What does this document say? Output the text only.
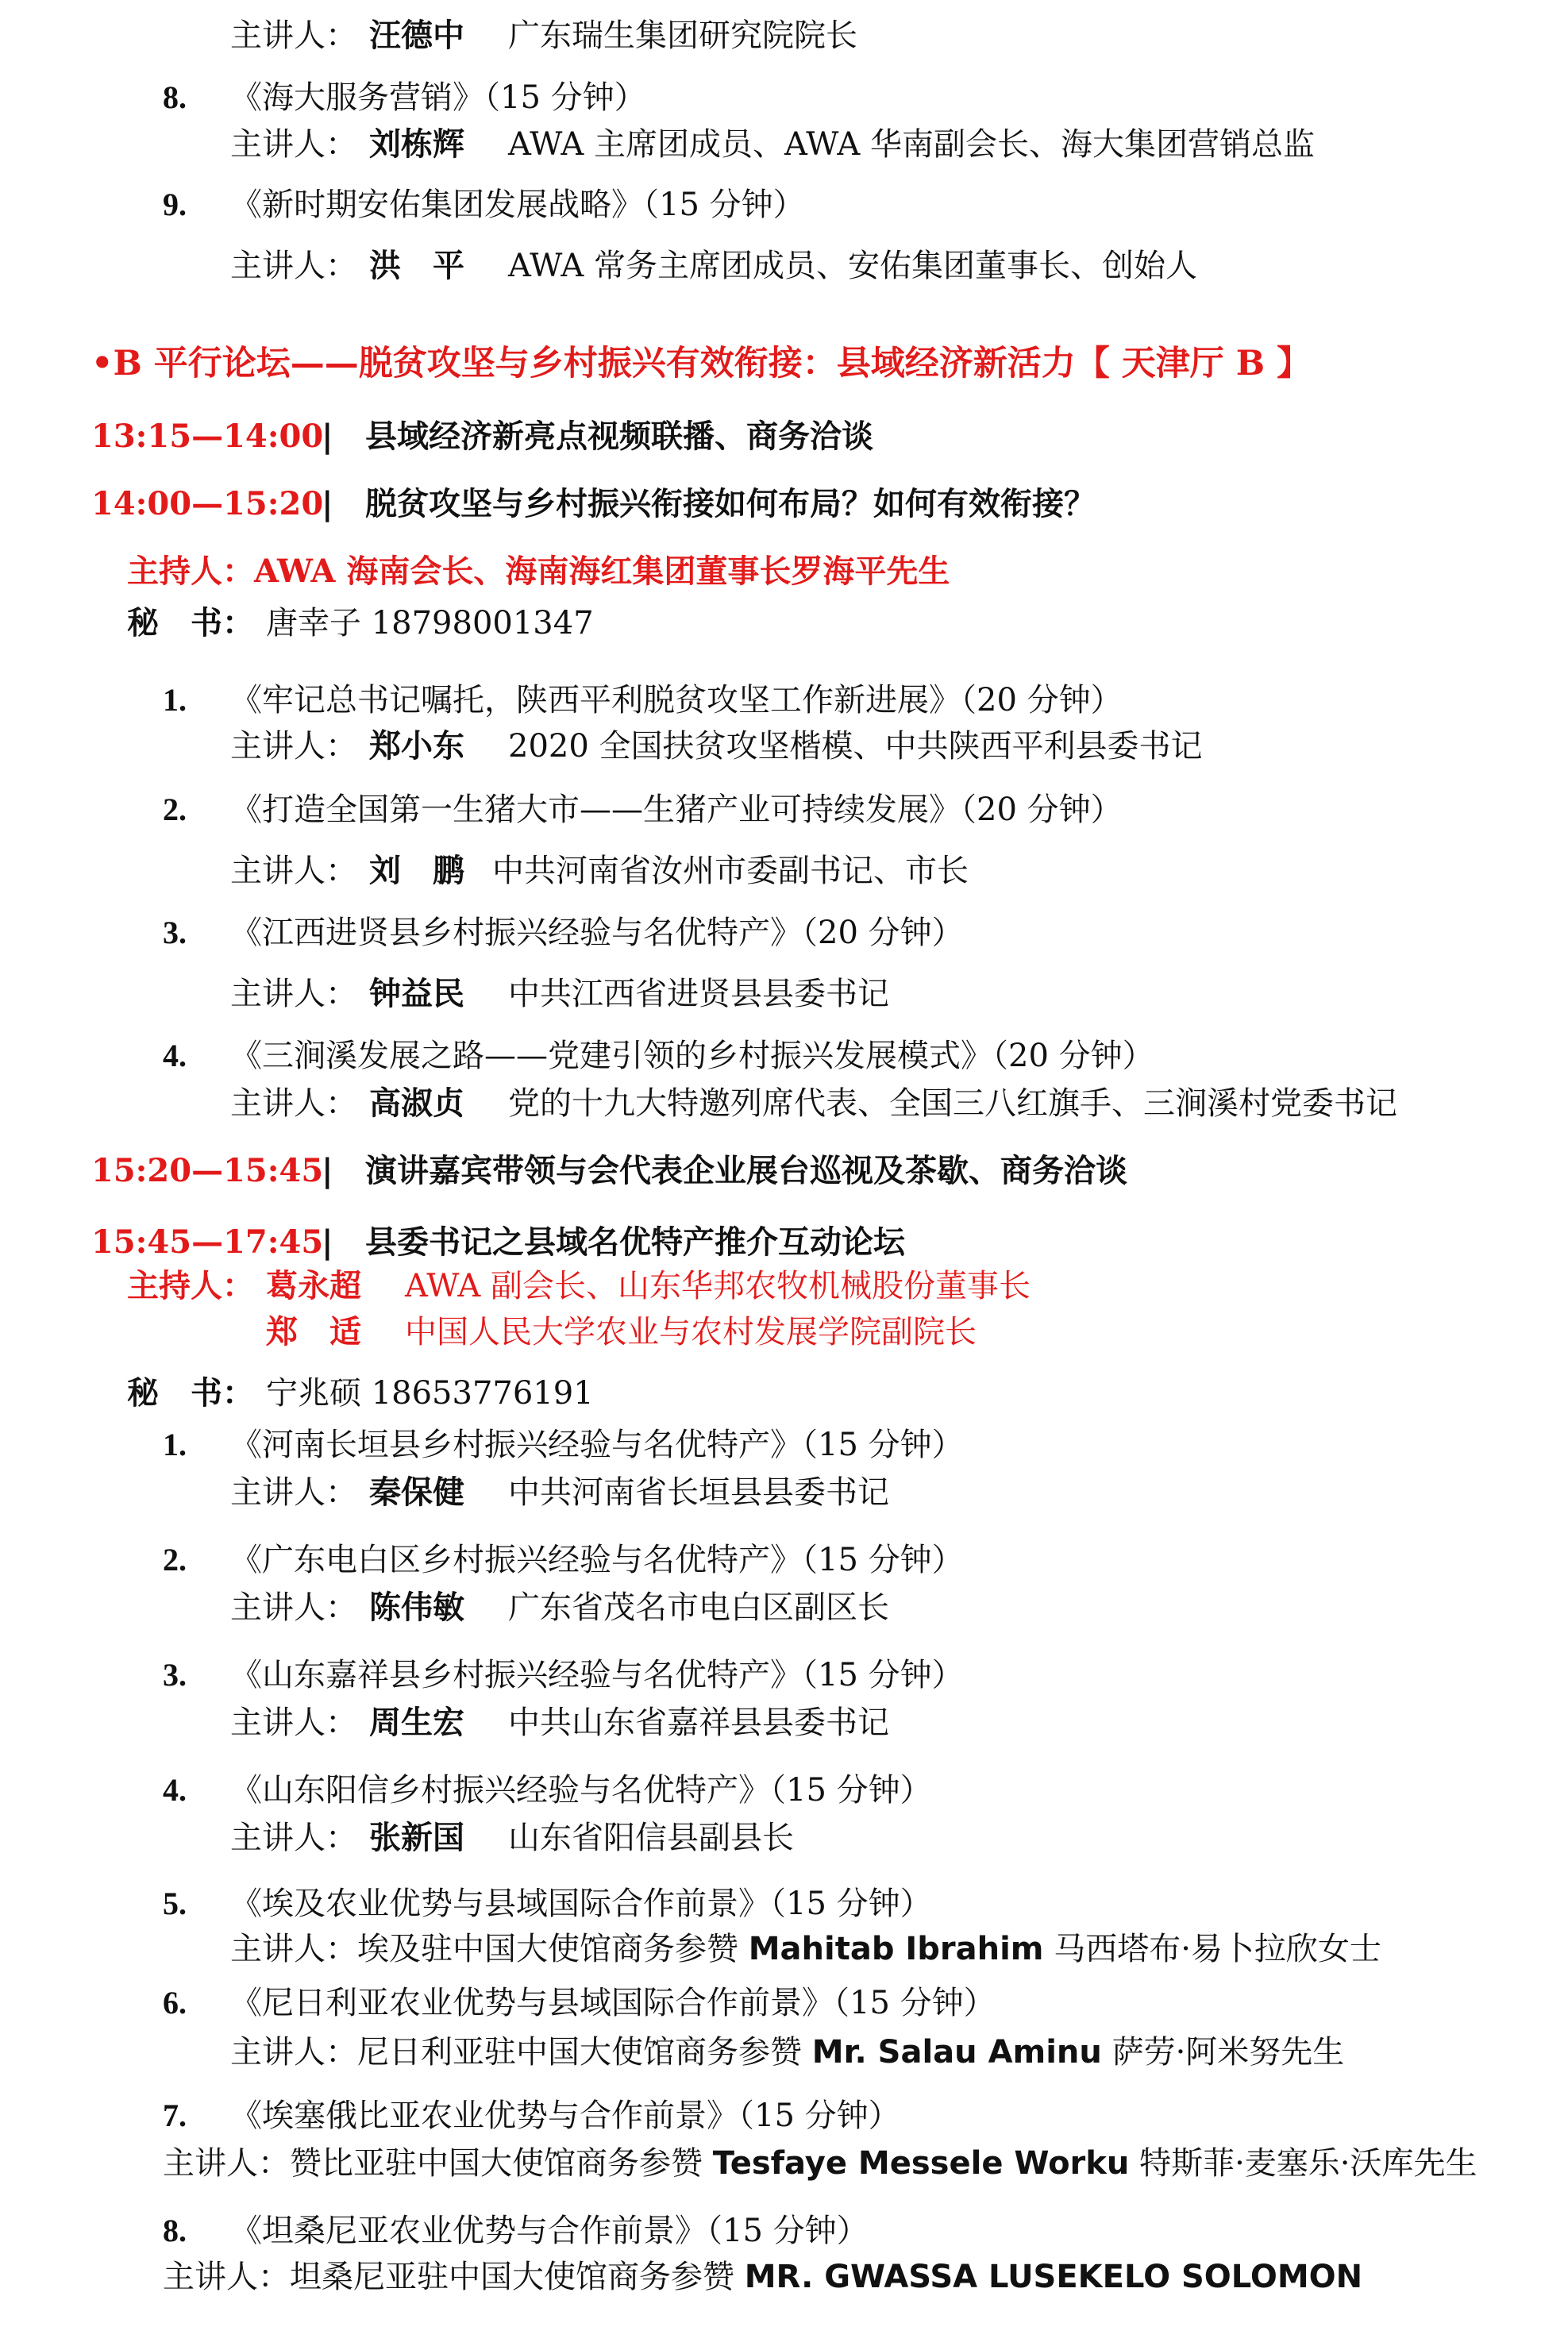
主讲人： 汪德中 广东瑞生集团研究院院长
8. 《海大服务营销》（15 分钟）
主讲人： 刘栋辉 AWA 主席团成员、AWA 华南副会长、海大集团营销总监
9. 《新时期安佑集团发展战略》（15 分钟）
主讲人： 洪　平 AWA 常务主席团成员、安佑集团董事长、创始人
•B 平行论坛——脱贫攻坚与乡村振兴有效衔接：县域经济新活力【 天津厅 B 】
13:15—14:00
| 县域经济新亮点视频联播、商务洽谈
14:00—15:20
| 脱贫攻坚与乡村振兴衔接如何布局？如何有效衔接？
主持人：AWA 海南会长、海南海红集团董事长罗海平先生
秘　书： 唐幸子 18798001347
1. 《牢记总书记嘱托，陕西平利脱贫攻坚工作新进展》（20 分钟）
主讲人： 郑小东 2020 全国扶贫攻坚楷模、中共陕西平利县委书记
2. 《打造全国第一生猪大市——生猪产业可持续发展》（20 分钟）
主讲人： 刘　鹏 中共河南省汝州市委副书记、市长
3. 《江西进贤县乡村振兴经验与名优特产》（20 分钟）
主讲人： 钟益民 中共江西省进贤县县委书记
4. 《三涧溪发展之路——党建引领的乡村振兴发展模式》（20 分钟）
主讲人： 高淑贞 党的十九大特邀列席代表、全国三八红旗手、三涧溪村党委书记
15:20—15:45
| 演讲嘉宾带领与会代表企业展台巡视及茶歇、商务洽谈
15:45—17:45
| 县委书记之县域名优特产推介互动论坛
主持人： 葛永超 AWA 副会长、山东华邦农牧机械股份董事长
郑　适 中国人民大学农业与农村发展学院副院长
秘　书： 宁兆硕 18653776191
1. 《河南长垣县乡村振兴经验与名优特产》（15 分钟）
主讲人： 秦保健 中共河南省长垣县县委书记
2. 《广东电白区乡村振兴经验与名优特产》（15 分钟）
主讲人： 陈伟敏 广东省茂名市电白区副区长
3. 《山东嘉祥县乡村振兴经验与名优特产》（15 分钟）
主讲人： 周生宏 中共山东省嘉祥县县委书记
4. 《山东阳信乡村振兴经验与名优特产》（15 分钟）
主讲人： 张新国 山东省阳信县副县长
5. 《埃及农业优势与县域国际合作前景》（15 分钟）
主讲人：埃及驻中国大使馆商务参赞 Mahitab Ibrahim 马西塔布·易卜拉欣女士
6. 《尼日利亚农业优势与县域国际合作前景》（15 分钟）
主讲人：尼日利亚驻中国大使馆商务参赞 Mr. Salau Aminu 萨劳·阿米努先生
7. 《埃塞俄比亚农业优势与合作前景》（15 分钟）
主讲人：赞比亚驻中国大使馆商务参赞 Tesfaye Messele Worku 特斯菲·麦塞乐·沃库先生
8. 《坦桑尼亚农业优势与合作前景》（15 分钟）
主讲人：坦桑尼亚驻中国大使馆商务参赞 MR. GWASSA LUSEKELO SOLOMON
